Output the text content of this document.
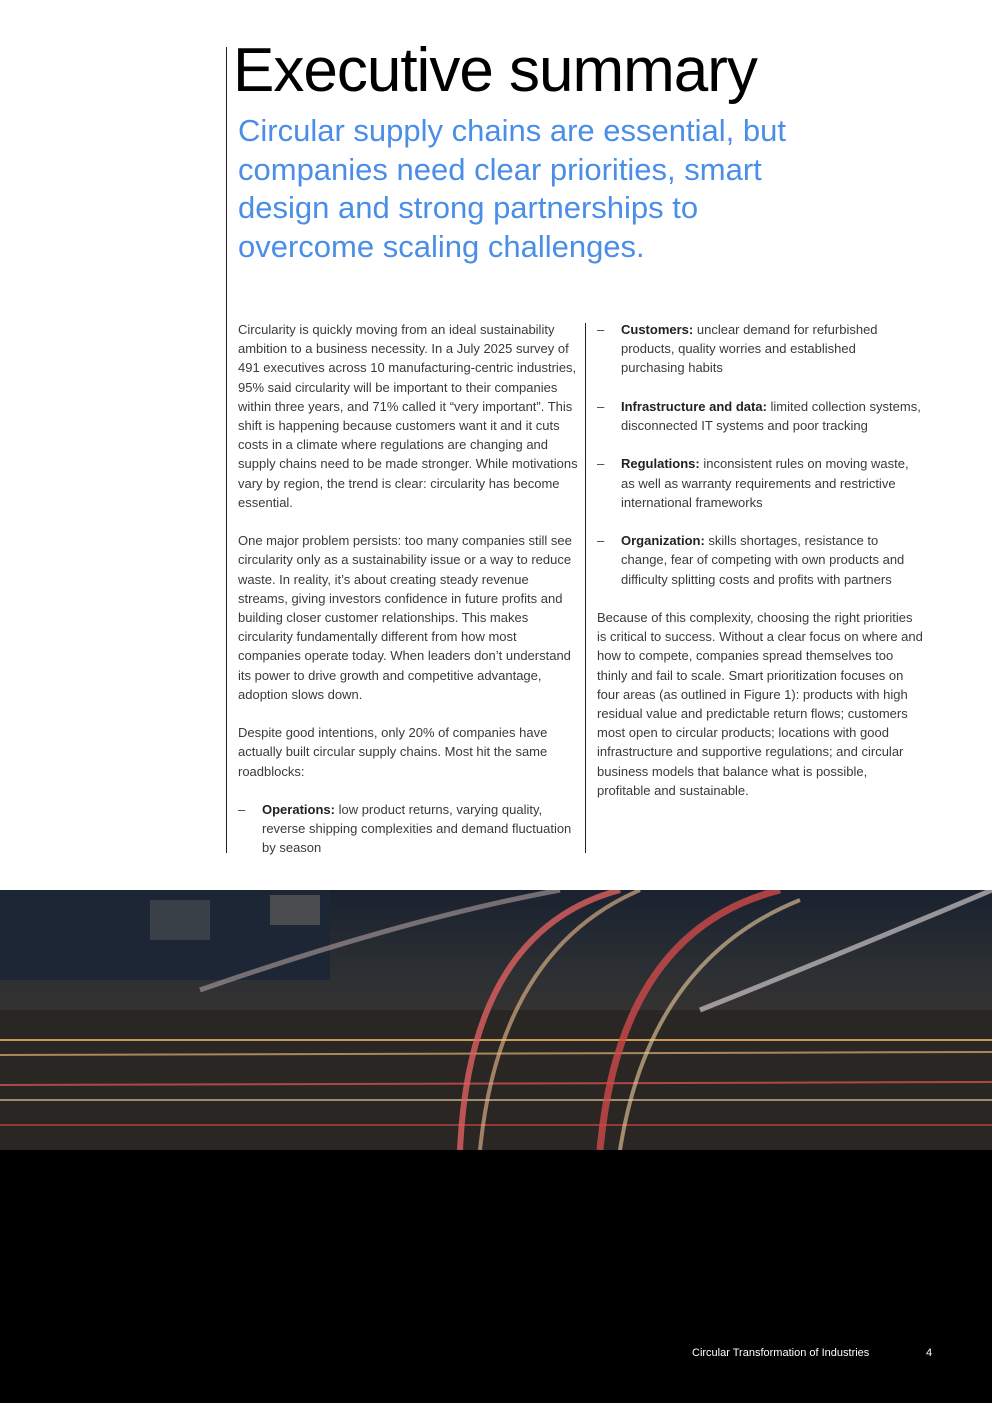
Executive summary

Circular supply chains are essential, but companies need clear priorities, smart design and strong partnerships to overcome scaling challenges.

Circularity is quickly moving from an ideal sustainability ambition to a business necessity. In a July 2025 survey of 491 executives across 10 manufacturing-centric industries, 95% said circularity will be important to their companies within three years, and 71% called it “very important”. This shift is happening because customers want it and it cuts costs in a climate where regulations are changing and supply chains need to be made stronger. While motivations vary by region, the trend is clear: circularity has become essential.

One major problem persists: too many companies still see circularity only as a sustainability issue or a way to reduce waste. In reality, it’s about creating steady revenue streams, giving investors confidence in future profits and building closer customer relationships. This makes circularity fundamentally different from how most companies operate today. When leaders don’t understand its power to drive growth and competitive advantage, adoption slows down.

Despite good intentions, only 20% of companies have actually built circular supply chains. Most hit the same roadblocks:

– Operations: low product returns, varying quality, reverse shipping complexities and demand fluctuation by season
– Customers: unclear demand for refurbished products, quality worries and established purchasing habits
– Infrastructure and data: limited collection systems, disconnected IT systems and poor tracking
– Regulations: inconsistent rules on moving waste, as well as warranty requirements and restrictive international frameworks
– Organization: skills shortages, resistance to change, fear of competing with own products and difficulty splitting costs and profits with partners

Because of this complexity, choosing the right priorities is critical to success. Without a clear focus on where and how to compete, companies spread themselves too thinly and fail to scale. Smart prioritization focuses on four areas (as outlined in Figure 1): products with high residual value and predictable return flows; customers most open to circular products; locations with good infrastructure and supportive regulations; and circular business models that balance what is possible, profitable and sustainable.

Circular Transformation of Industries	4
